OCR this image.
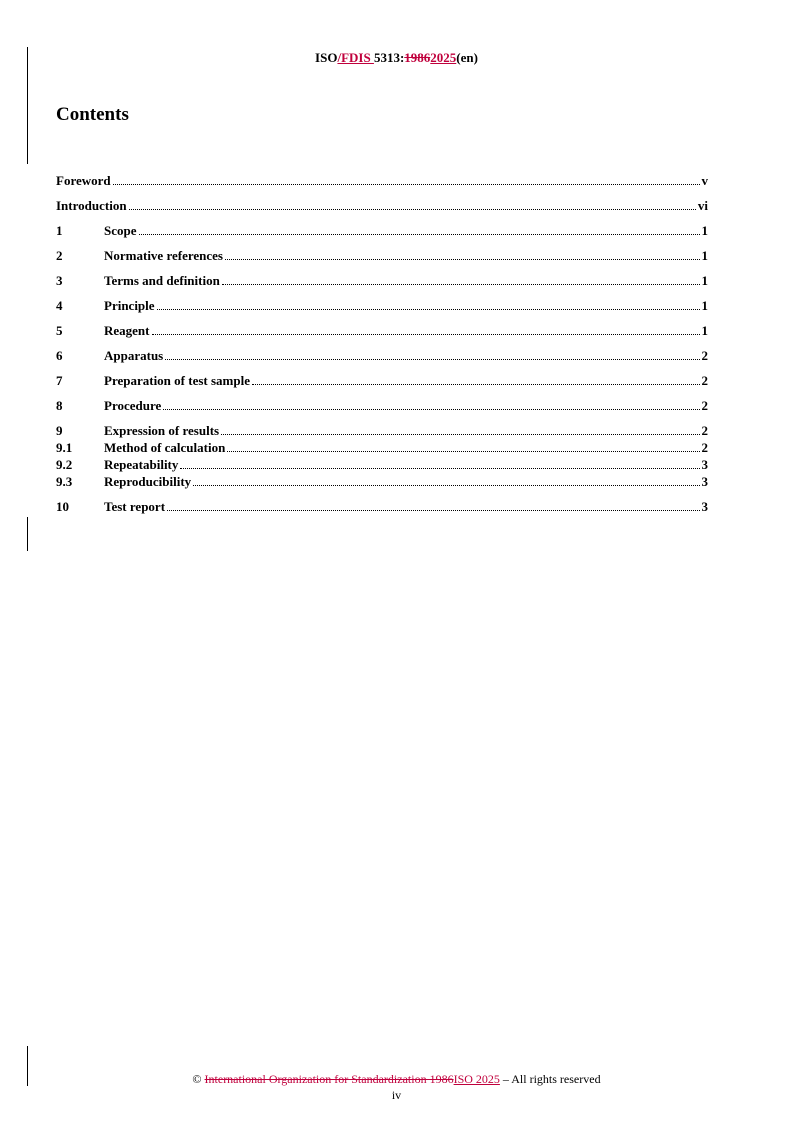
ISO/FDIS 5313:19862025(en)
Contents
Foreword	v
Introduction	vi
1	Scope	1
2	Normative references	1
3	Terms and definition	1
4	Principle	1
5	Reagent	1
6	Apparatus	2
7	Preparation of test sample	2
8	Procedure	2
9	Expression of results	2
9.1	Method of calculation	2
9.2	Repeatability	3
9.3	Reproducibility	3
10	Test report	3
© International Organization for Standardization 1986ISO 2025 – All rights reserved
iv
